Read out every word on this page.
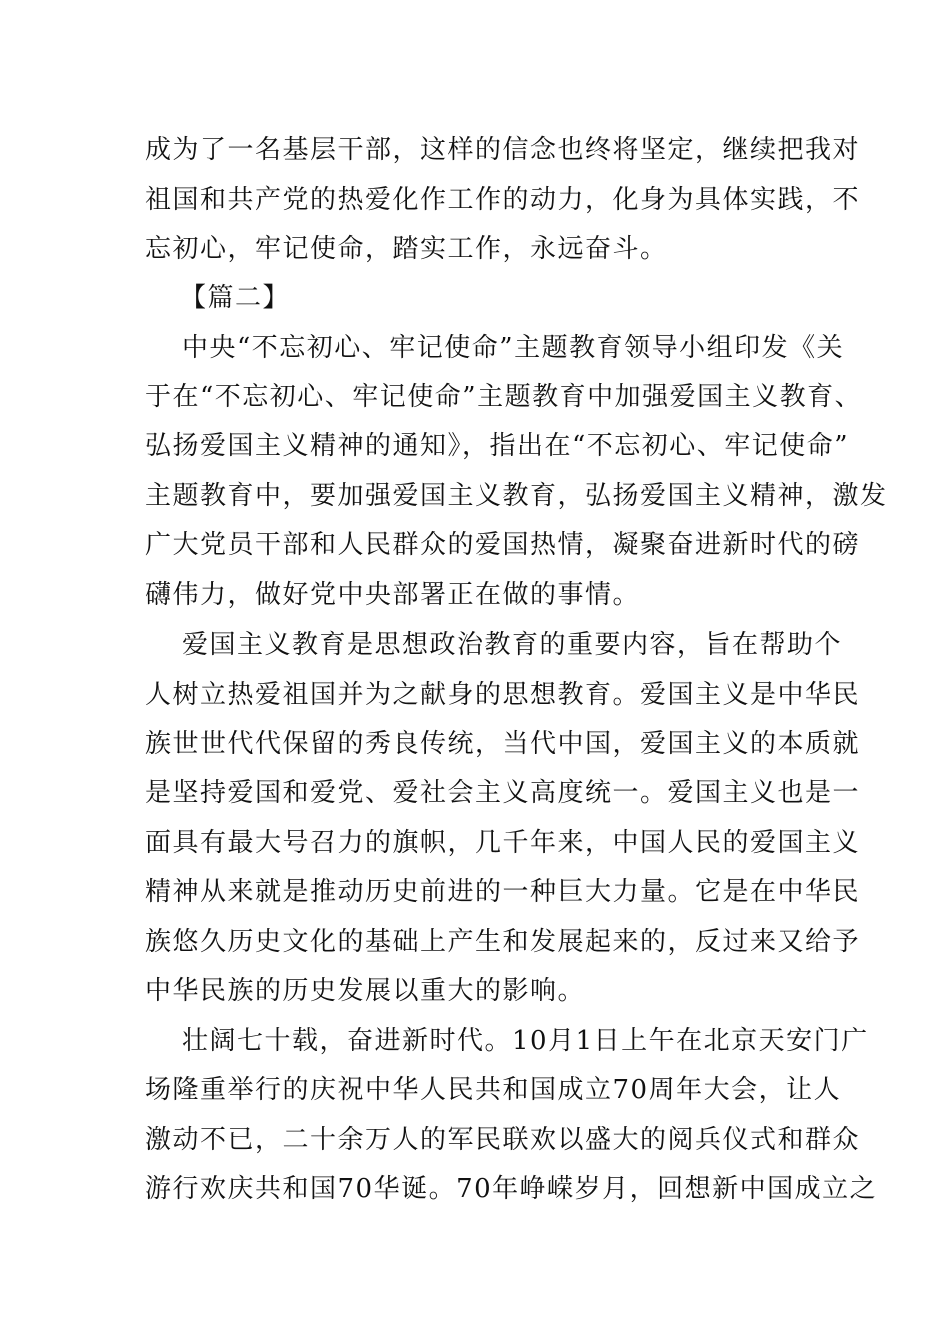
成为了一名基层干部，这样的信念也终将坚定，继续把我对
祖国和共产党的热爱化作工作的动力，化身为具体实践，不
忘初心，牢记使命，踏实工作，永远奋斗。
【篇二】
中央“不忘初心、牢记使命”主题教育领导小组印发《关
于在“不忘初心、牢记使命”主题教育中加强爱国主义教育、
弘扬爱国主义精神的通知》，指出在“不忘初心、牢记使命”
主题教育中，要加强爱国主义教育，弘扬爱国主义精神，激发
广大党员干部和人民群众的爱国热情，凝聚奋进新时代的磅
礴伟力，做好党中央部署正在做的事情。
爱国主义教育是思想政治教育的重要内容，旨在帮助个
人树立热爱祖国并为之献身的思想教育。爱国主义是中华民
族世世代代保留的秀良传统，当代中国，爱国主义的本质就
是坚持爱国和爱党、爱社会主义高度统一。爱国主义也是一
面具有最大号召力的旗帜，几千年来，中国人民的爱国主义
精神从来就是推动历史前进的一种巨大力量。它是在中华民
族悠久历史文化的基础上产生和发展起来的，反过来又给予
中华民族的历史发展以重大的影响。
壮阔七十载，奋进新时代。10月1日上午在北京天安门广
场隆重举行的庆祝中华人民共和国成立70周年大会，让人
激动不已，二十余万人的军民联欢以盛大的阅兵仪式和群众
游行欢庆共和国70华诞。70年峥嵘岁月，回想新中国成立之
